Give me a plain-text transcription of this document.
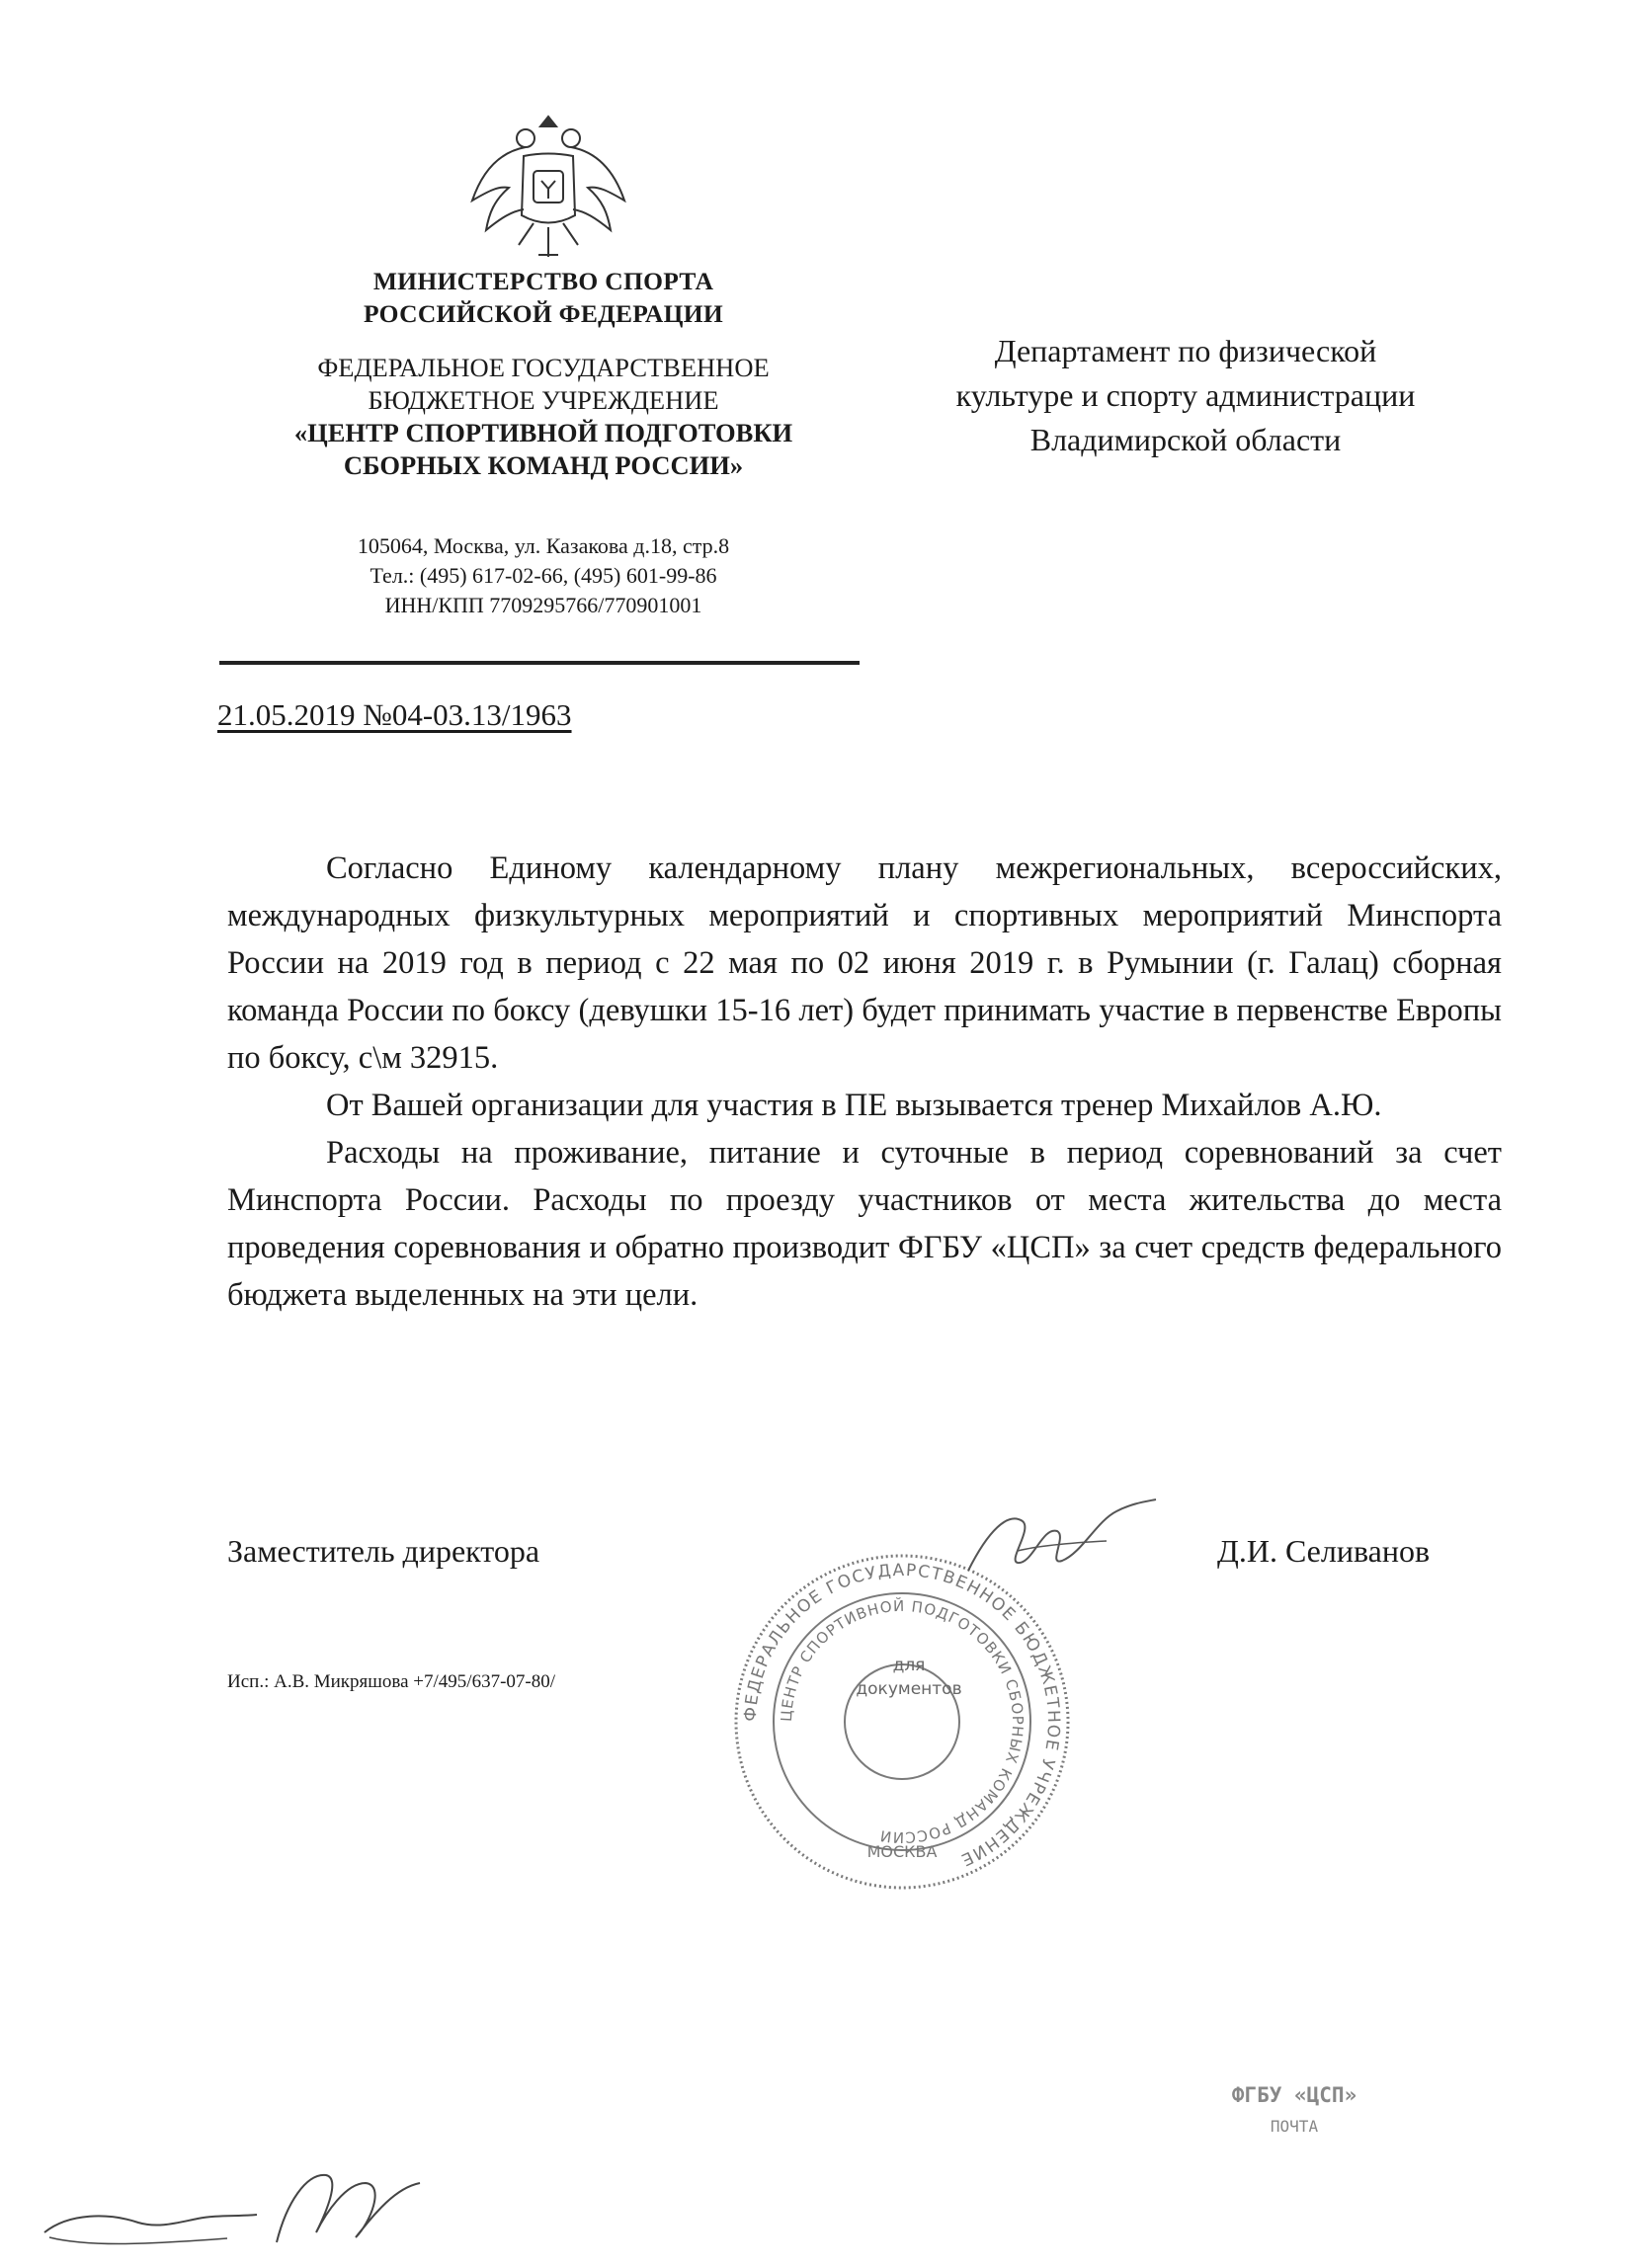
МИНИСТЕРСТВО СПОРТА
РОССИЙСКОЙ ФЕДЕРАЦИИ
ФЕДЕРАЛЬНОЕ ГОСУДАРСТВЕННОЕ
БЮДЖЕТНОЕ УЧРЕЖДЕНИЕ
«ЦЕНТР СПОРТИВНОЙ ПОДГОТОВКИ
СБОРНЫХ КОМАНД РОССИИ»
105064, Москва, ул. Казакова д.18, стр.8
Тел.: (495) 617-02-66, (495) 601-99-86
ИНН/КПП 7709295766/770901001
21.05.2019 №04-03.13/1963
Департамент по физической
культуре и спорту администрации
Владимирской области

Согласно Единому календарному плану межрегиональных, всероссийских, международных физкультурных мероприятий и спортивных мероприятий Минспорта России на 2019 год в период с 22 мая по 02 июня 2019 г. в Румынии (г. Галац) сборная команда России по боксу (девушки 15-16 лет) будет принимать участие в первенстве Европы по боксу, с\м 32915.

От Вашей организации для участия в ПЕ вызывается тренер Михайлов А.Ю.

Расходы на проживание, питание и суточные в период соревнований за счет Минспорта России. Расходы по проезду участников от места жительства до места проведения соревнования и обратно производит ФГБУ «ЦСП» за счет средств федерального бюджета выделенных на эти цели.

Заместитель директора	Д.И. Селиванов
ФЕДЕРАЛЬНОЕ ГОСУДАРСТВЕННОЕ БЮДЖЕТНОЕ УЧРЕЖДЕНИЕ
ЦЕНТР СПОРТИВНОЙ ПОДГОТОВКИ СБОРНЫХ КОМАНД РОССИИ
МОСКВА
для
документов
Исп.: А.В. Микряшова +7/495/637-07-80/
ФГБУ «ЦСП»
ПОЧТА
